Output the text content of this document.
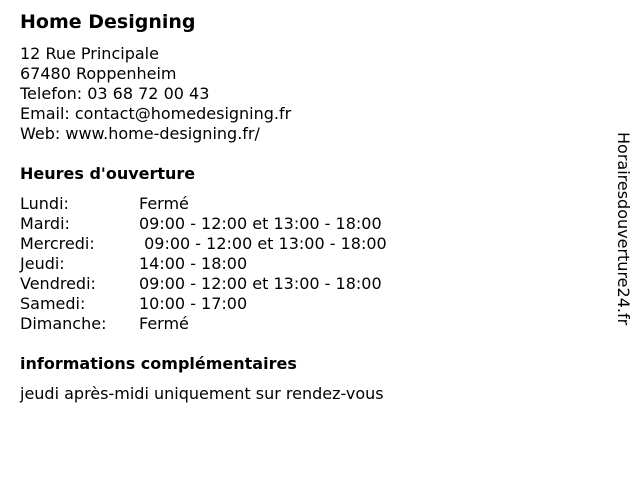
Home Designing
12 Rue Principale
67480 Roppenheim
Telefon: 03 68 72 00 43
Email: contact@homedesigning.fr
Web: www.home-designing.fr/
Heures d'ouverture
Lundi:	Fermé
Mardi:	09:00 - 12:00 et 13:00 - 18:00
Mercredi:	09:00 - 12:00 et 13:00 - 18:00
Jeudi:	14:00 - 18:00
Vendredi:	09:00 - 12:00 et 13:00 - 18:00
Samedi:	10:00 - 17:00
Dimanche:	Fermé
informations complémentaires
jeudi après-midi uniquement sur rendez-vous
Horairesdouverture24.fr
